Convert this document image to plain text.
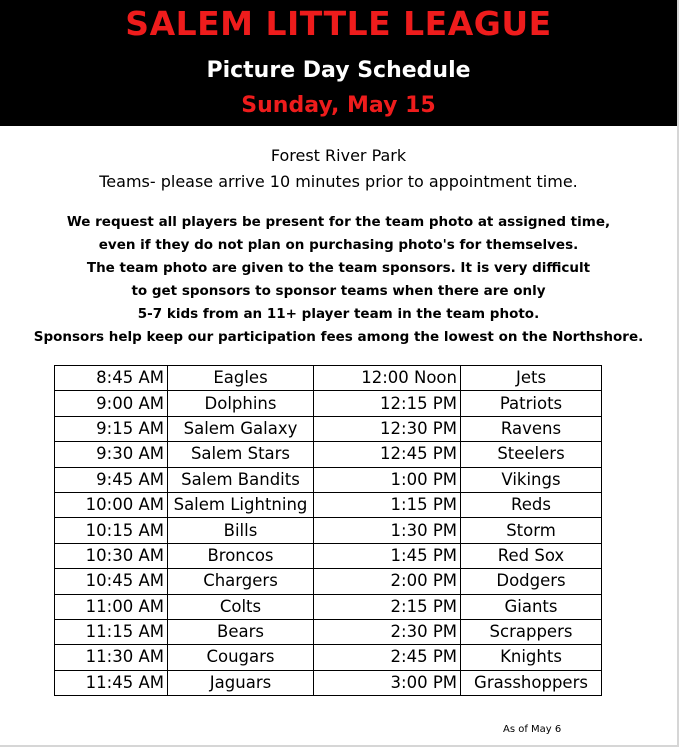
SALEM LITTLE LEAGUE
Picture Day Schedule
Sunday, May 15
Forest River Park
Teams- please arrive 10 minutes prior to appointment time.
We request all players be present for the team photo at assigned time,
even if they do not plan on purchasing photo's for themselves.
The team photo are given to the team sponsors. It is very difficult
to get sponsors to sponsor teams when there are only
5-7 kids from an 11+ player team in the team photo.
Sponsors help keep our participation fees among the lowest on the Northshore.
8:45 AM	Eagles	12:00 Noon	Jets
9:00 AM	Dolphins	12:15 PM	Patriots
9:15 AM	Salem Galaxy	12:30 PM	Ravens
9:30 AM	Salem Stars	12:45 PM	Steelers
9:45 AM	Salem Bandits	1:00 PM	Vikings
10:00 AM	Salem Lightning	1:15 PM	Reds
10:15 AM	Bills	1:30 PM	Storm
10:30 AM	Broncos	1:45 PM	Red Sox
10:45 AM	Chargers	2:00 PM	Dodgers
11:00 AM	Colts	2:15 PM	Giants
11:15 AM	Bears	2:30 PM	Scrappers
11:30 AM	Cougars	2:45 PM	Knights
11:45 AM	Jaguars	3:00 PM	Grasshoppers
As of May 6
